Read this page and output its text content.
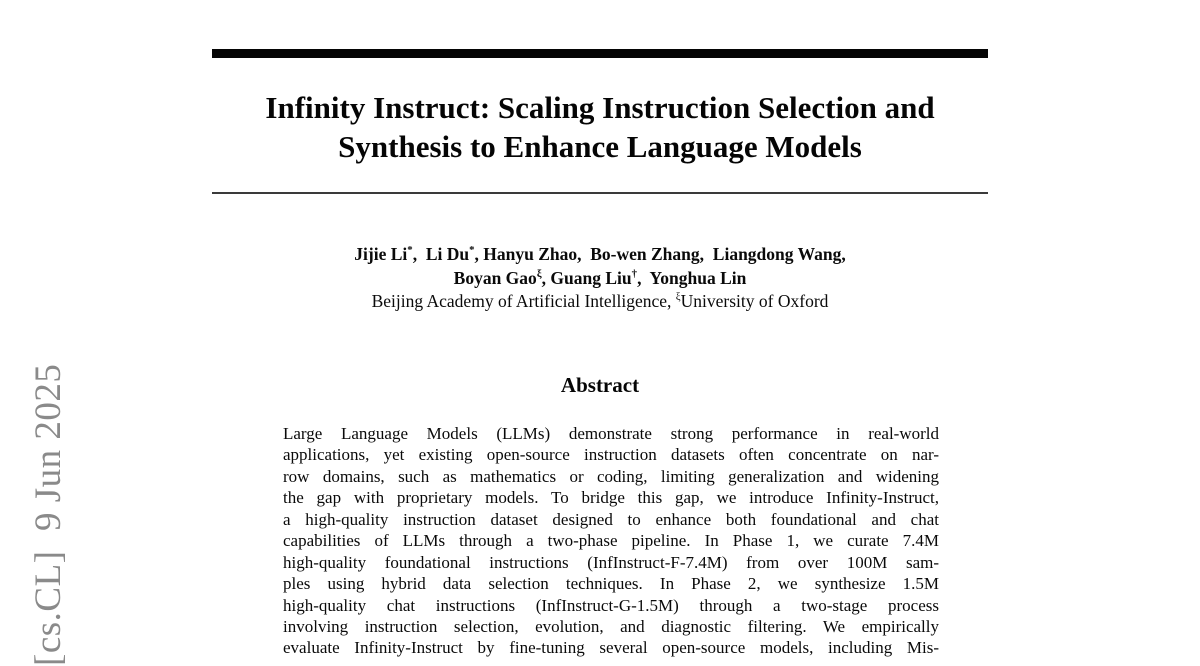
[cs.CL]  9 Jun 2025
Infinity Instruct: Scaling Instruction Selection and
Synthesis to Enhance Language Models
Jijie Li*,  Li Du*, Hanyu Zhao,  Bo-wen Zhang,  Liangdong Wang,
Boyan Gao$^\xi$, Guang Liu†,  Yonghua Lin
Beijing Academy of Artificial Intelligence, $^\xi$University of Oxford
Abstract
Large Language Models (LLMs) demonstrate strong performance in real-world
applications, yet existing open-source instruction datasets often concentrate on nar-
row domains, such as mathematics or coding, limiting generalization and widening
the gap with proprietary models. To bridge this gap, we introduce Infinity-Instruct,
a high-quality instruction dataset designed to enhance both foundational and chat
capabilities of LLMs through a two-phase pipeline. In Phase 1, we curate 7.4M
high-quality foundational instructions (InfInstruct-F-7.4M) from over 100M sam-
ples using hybrid data selection techniques. In Phase 2, we synthesize 1.5M
high-quality chat instructions (InfInstruct-G-1.5M) through a two-stage process
involving instruction selection, evolution, and diagnostic filtering. We empirically
evaluate Infinity-Instruct by fine-tuning several open-source models, including Mis-
